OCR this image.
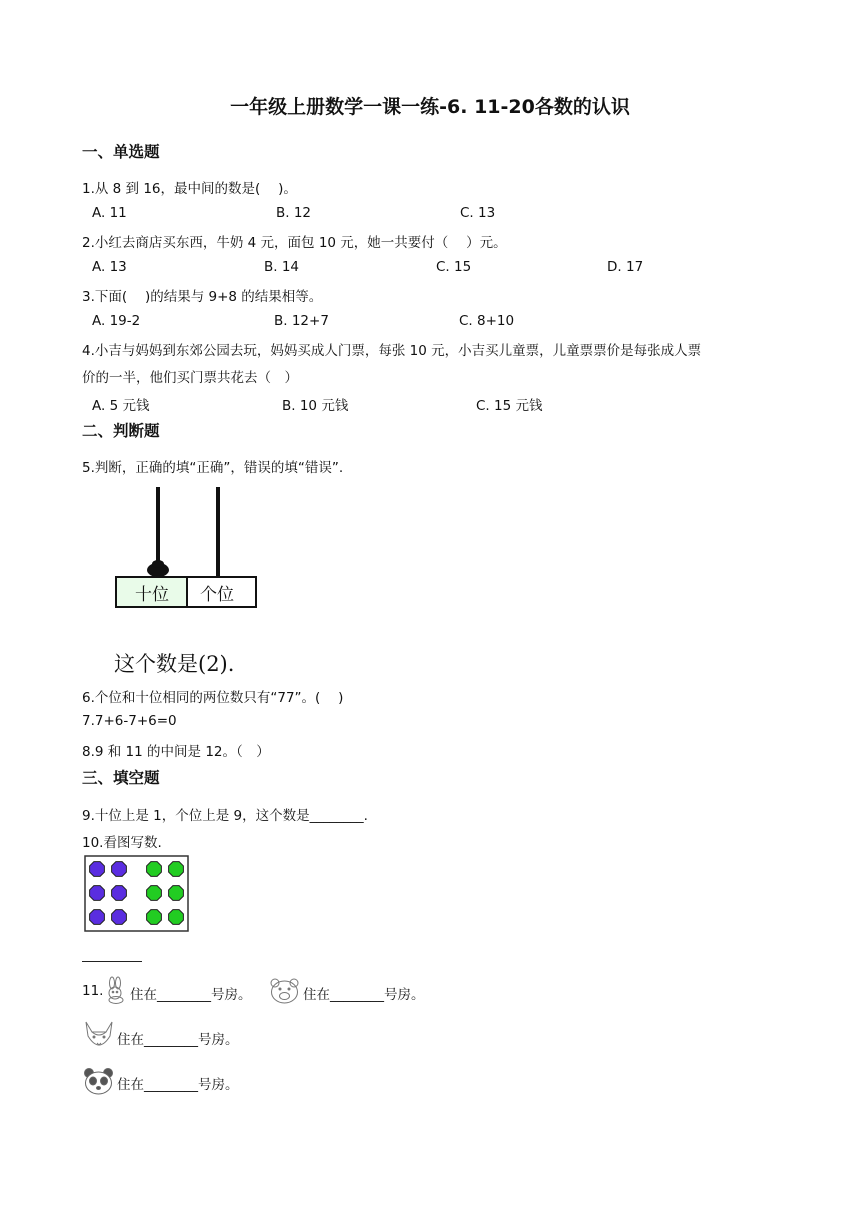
一年级上册数学一课一练-6. 11-20各数的认识
一、单选题
1.从 8 到 16，最中间的数是(　 )。
A. 11	B. 12	C. 13
2.小红去商店买东西，牛奶 4 元，面包 10 元，她一共要付（　 ）元。
A. 13	B. 14	C. 15	D. 17
3.下面(　 )的结果与 9+8 的结果相等。
A. 19-2	B. 12+7	C. 8+10
4.小吉与妈妈到东郊公园去玩，妈妈买成人门票，每张 10 元，小吉买儿童票，儿童票票价是每张成人票
价的一半，他们买门票共花去（　）
A. 5 元钱	B. 10 元钱	C. 15 元钱
二、判断题
5.判断，正确的填“正确”，错误的填“错误”.
十位 个位
这个数是(2).
6.个位和十位相同的两位数只有“77”。(　 )
7.7+6-7+6=0
8.9 和 11 的中间是 12。（　）
三、填空题
9.十位上是 1，个位上是 9，这个数是________.
10.看图写数.
11. 住在________号房。	住在________号房。
住在________号房。
住在________号房。
